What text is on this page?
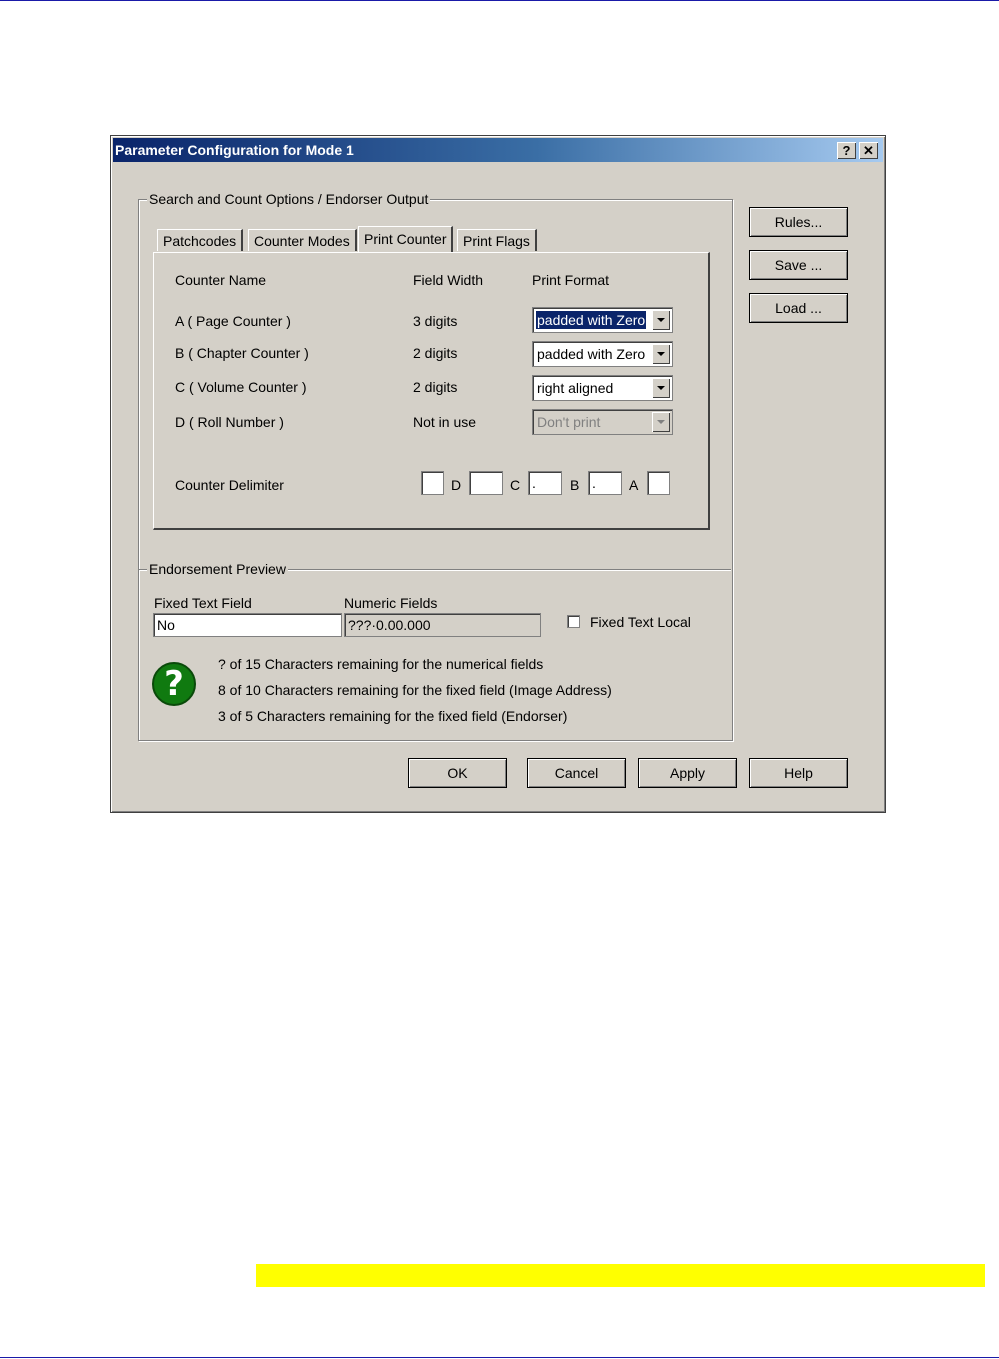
Parameter Configuration for Mode 1	? ✕
Search and Count Options / Endorser Output
Patchcodes	Counter Modes	Print Counter	Print Flags
Counter Name	Field Width	Print Format
A ( Page Counter )	3 digits	padded with Zero
B ( Chapter Counter )	2 digits	padded with Zero
C ( Volume Counter )	2 digits	right aligned
D ( Roll Number )	Not in use	Don't print
Counter Delimiter	D	C .	B .	A
Rules...
Save ...
Load ...
Endorsement Preview
Fixed Text Field
No
Numeric Fields
???·0.00.000	Fixed Text Local
?	? of 15 Characters remaining for the numerical fields
8 of 10 Characters remaining for the fixed field (Image Address)
3 of 5 Characters remaining for the fixed field (Endorser)
OK	Cancel	Apply	Help
